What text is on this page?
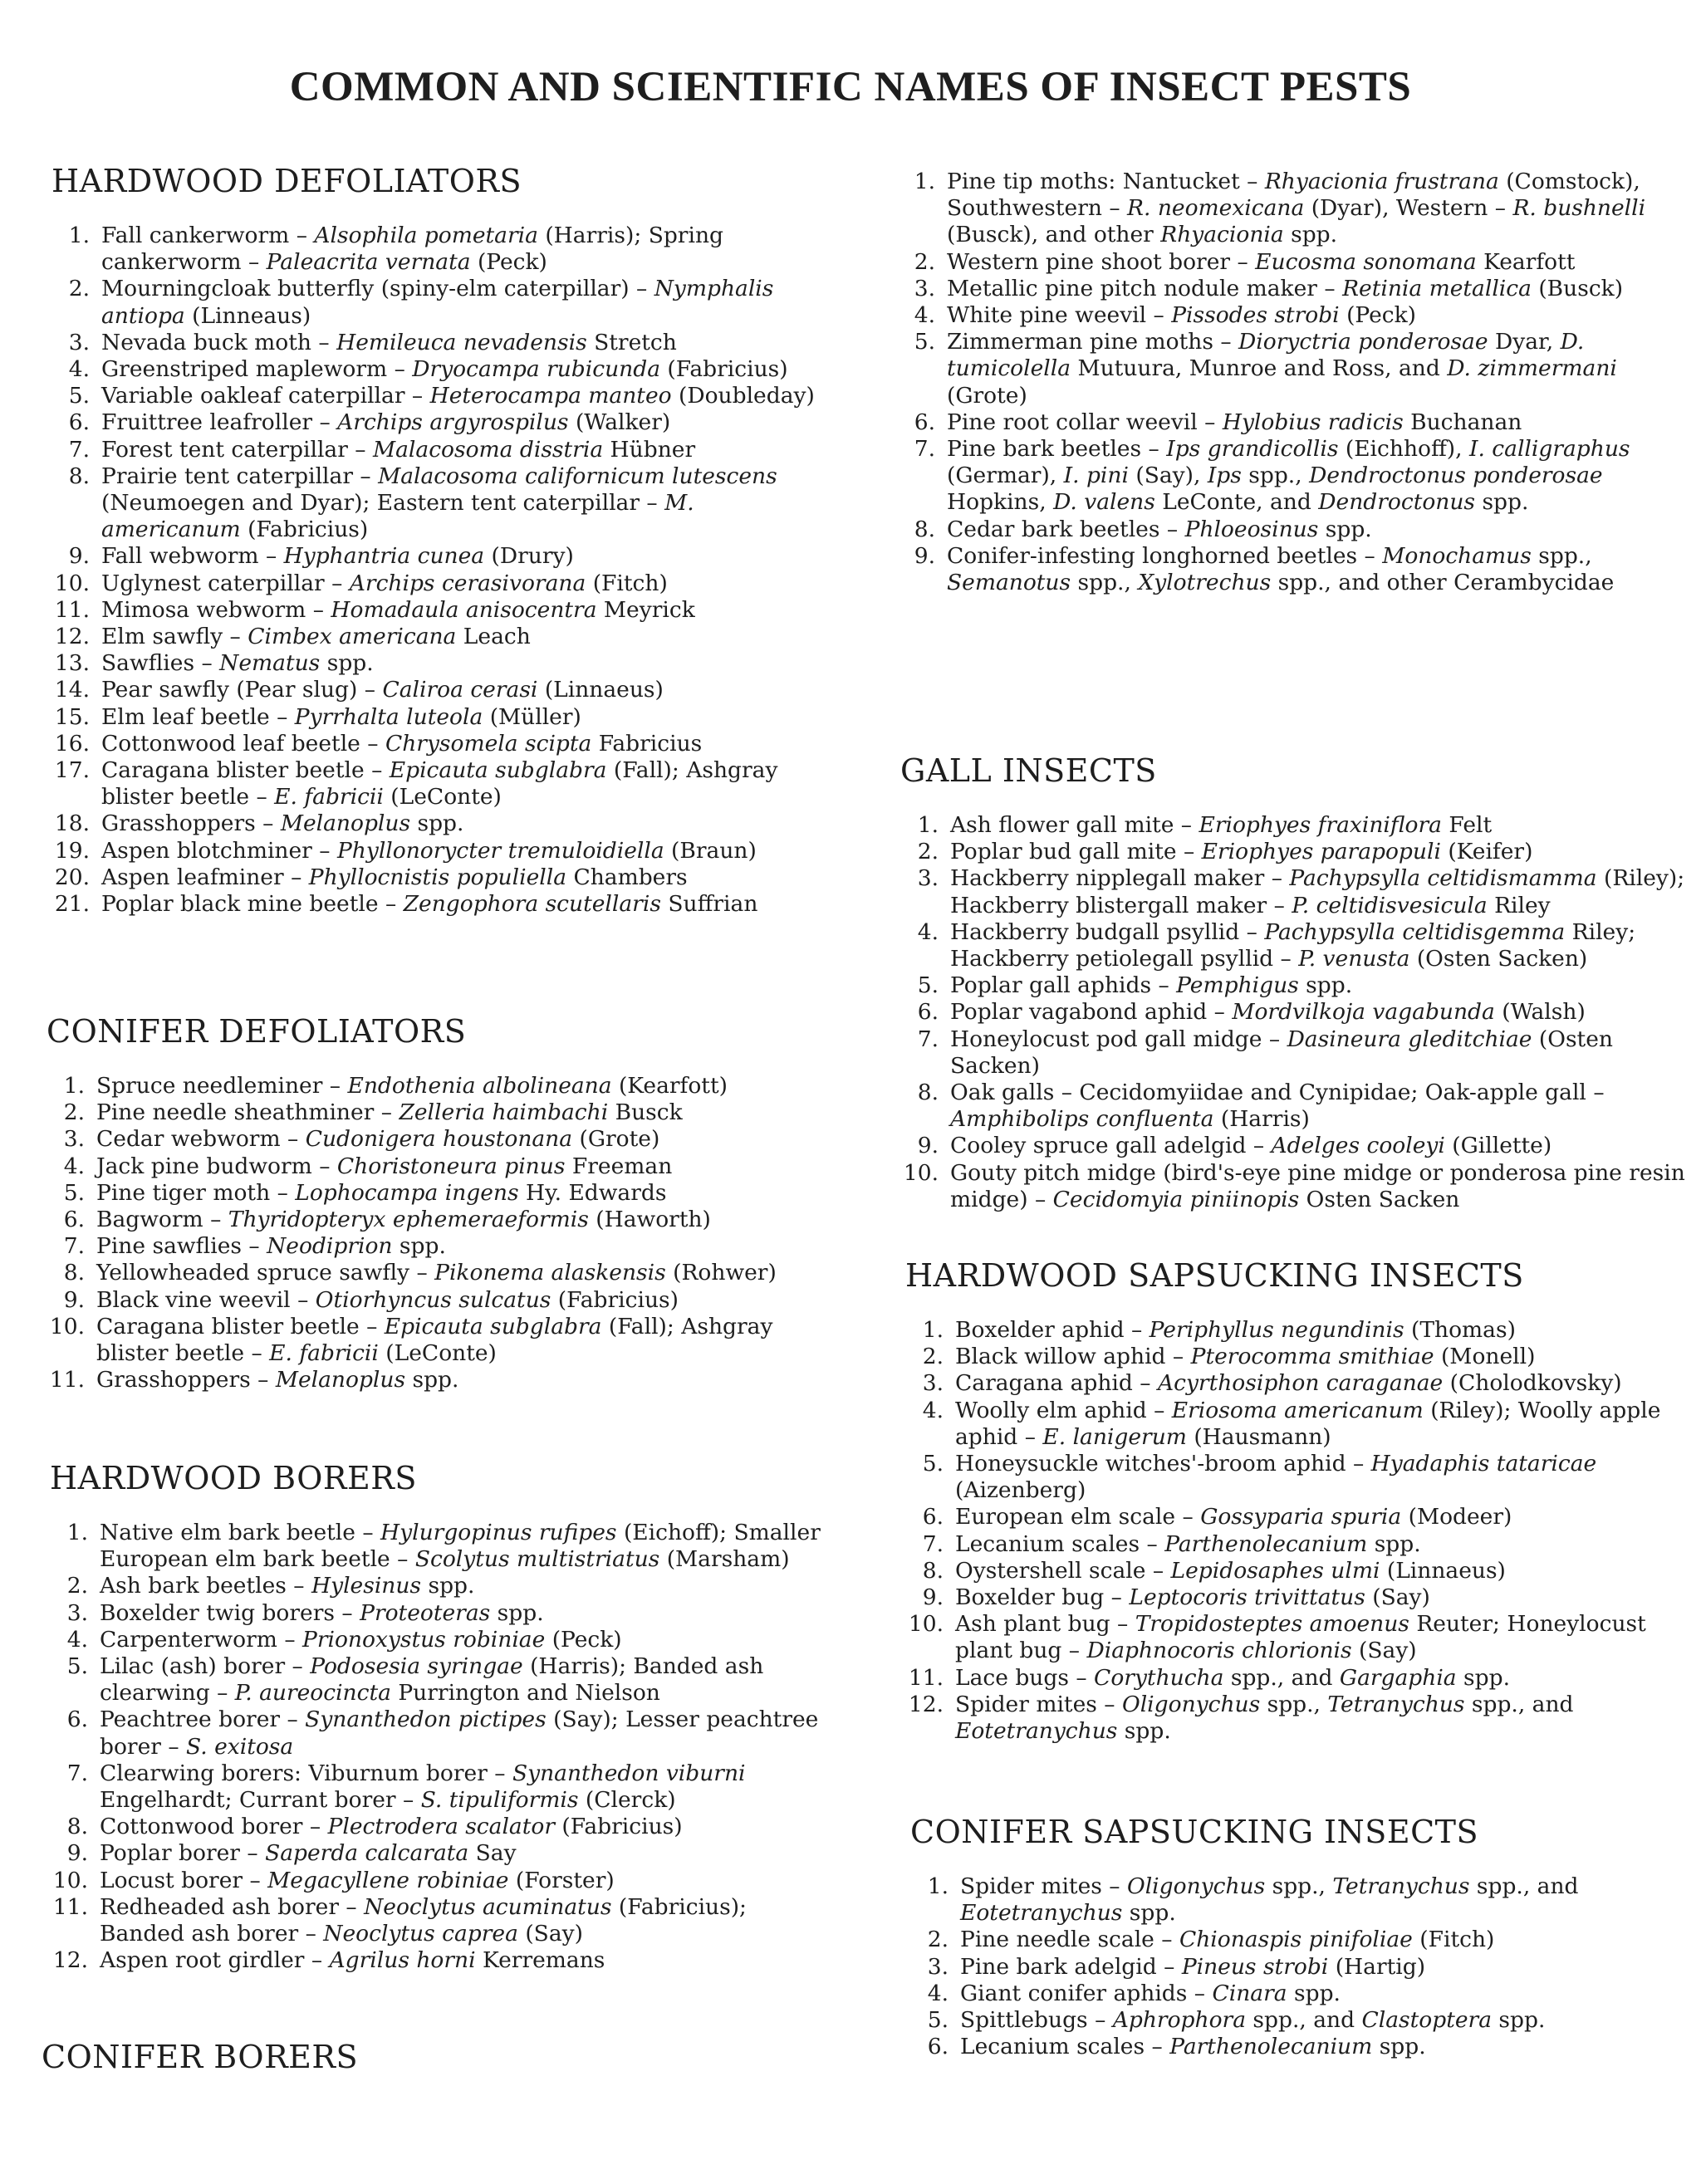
COMMON AND SCIENTIFIC NAMES OF INSECT PESTS
HARDWOOD DEFOLIATORS
1. Fall cankerworm – Alsophila pometaria (Harris); Spring cankerworm – Paleacrita vernata (Peck)
2. Mourningcloak butterfly (spiny-elm caterpillar) – Nymphalis antiopa (Linneaus)
3. Nevada buck moth – Hemileuca nevadensis Stretch
4. Greenstriped mapleworm – Dryocampa rubicunda (Fabricius)
5. Variable oakleaf caterpillar – Heterocampa manteo (Doubleday)
6. Fruittree leafroller – Archips argyrospilus (Walker)
7. Forest tent caterpillar – Malacosoma disstria Hübner
8. Prairie tent caterpillar – Malacosoma californicum lutescens (Neumoegen and Dyar); Eastern tent caterpillar – M. americanum (Fabricius)
9. Fall webworm – Hyphantria cunea (Drury)
10. Uglynest caterpillar – Archips cerasivorana (Fitch)
11. Mimosa webworm – Homadaula anisocentra Meyrick
12. Elm sawfly – Cimbex americana Leach
13. Sawflies – Nematus spp.
14. Pear sawfly (Pear slug) – Caliroa cerasi (Linnaeus)
15. Elm leaf beetle – Pyrrhalta luteola (Müller)
16. Cottonwood leaf beetle – Chrysomela scipta Fabricius
17. Caragana blister beetle – Epicauta subglabra (Fall); Ashgray blister beetle – E. fabricii (LeConte)
18. Grasshoppers – Melanoplus spp.
19. Aspen blotchminer – Phyllonorycter tremuloidiella (Braun)
20. Aspen leafminer – Phyllocnistis populiella Chambers
21. Poplar black mine beetle – Zengophora scutellaris Suffrian
CONIFER DEFOLIATORS
1. Spruce needleminer – Endothenia albolineana (Kearfott)
2. Pine needle sheathminer – Zelleria haimbachi Busck
3. Cedar webworm – Cudonigera houstonana (Grote)
4. Jack pine budworm – Choristoneura pinus Freeman
5. Pine tiger moth – Lophocampa ingens Hy. Edwards
6. Bagworm – Thyridopteryx ephemeraeformis (Haworth)
7. Pine sawflies – Neodiprion spp.
8. Yellowheaded spruce sawfly – Pikonema alaskensis (Rohwer)
9. Black vine weevil – Otiorhyncus sulcatus (Fabricius)
10. Caragana blister beetle – Epicauta subglabra (Fall); Ashgray blister beetle – E. fabricii (LeConte)
11. Grasshoppers – Melanoplus spp.
HARDWOOD BORERS
1. Native elm bark beetle – Hylurgopinus rufipes (Eichoff); Smaller European elm bark beetle – Scolytus multistriatus (Marsham)
2. Ash bark beetles – Hylesinus spp.
3. Boxelder twig borers – Proteoteras spp.
4. Carpenterworm – Prionoxystus robiniae (Peck)
5. Lilac (ash) borer – Podosesia syringae (Harris); Banded ash clearwing – P. aureocincta Purrington and Nielson
6. Peachtree borer – Synanthedon pictipes (Say); Lesser peachtree borer – S. exitosa
7. Clearwing borers: Viburnum borer – Synanthedon viburni Engelhardt; Currant borer – S. tipuliformis (Clerck)
8. Cottonwood borer – Plectrodera scalator (Fabricius)
9. Poplar borer – Saperda calcarata Say
10. Locust borer – Megacyllene robiniae (Forster)
11. Redheaded ash borer – Neoclytus acuminatus (Fabricius); Banded ash borer – Neoclytus caprea (Say)
12. Aspen root girdler – Agrilus horni Kerremans
CONIFER BORERS
1. Pine tip moths: Nantucket – Rhyacionia frustrana (Comstock), Southwestern – R. neomexicana (Dyar), Western – R. bushnelli (Busck), and other Rhyacionia spp.
2. Western pine shoot borer – Eucosma sonomana Kearfott
3. Metallic pine pitch nodule maker – Retinia metallica (Busck)
4. White pine weevil – Pissodes strobi (Peck)
5. Zimmerman pine moths – Dioryctria ponderosae Dyar, D. tumicolella Mutuura, Munroe and Ross, and D. zimmermani (Grote)
6. Pine root collar weevil – Hylobius radicis Buchanan
7. Pine bark beetles – Ips grandicollis (Eichhoff), I. calligraphus (Germar), I. pini (Say), Ips spp., Dendroctonus ponderosae Hopkins, D. valens LeConte, and Dendroctonus spp.
8. Cedar bark beetles – Phloeosinus spp.
9. Conifer-infesting longhorned beetles – Monochamus spp., Semanotus spp., Xylotrechus spp., and other Cerambycidae
GALL INSECTS
1. Ash flower gall mite – Eriophyes fraxiniflora Felt
2. Poplar bud gall mite – Eriophyes parapopuli (Keifer)
3. Hackberry nipplegall maker – Pachypsylla celtidismamma (Riley); Hackberry blistergall maker – P. celtidisvesicula Riley
4. Hackberry budgall psyllid – Pachypsylla celtidisgemma Riley; Hackberry petiolegall psyllid – P. venusta (Osten Sacken)
5. Poplar gall aphids – Pemphigus spp.
6. Poplar vagabond aphid – Mordvilkoja vagabunda (Walsh)
7. Honeylocust pod gall midge – Dasineura gleditchiae (Osten Sacken)
8. Oak galls – Cecidomyiidae and Cynipidae; Oak-apple gall – Amphibolips confluenta (Harris)
9. Cooley spruce gall adelgid – Adelges cooleyi (Gillette)
10. Gouty pitch midge (bird's-eye pine midge or ponderosa pine resin midge) – Cecidomyia piniinopis Osten Sacken
HARDWOOD SAPSUCKING INSECTS
1. Boxelder aphid – Periphyllus negundinis (Thomas)
2. Black willow aphid – Pterocomma smithiae (Monell)
3. Caragana aphid – Acyrthosiphon caraganae (Cholodkovsky)
4. Woolly elm aphid – Eriosoma americanum (Riley); Woolly apple aphid – E. lanigerum (Hausmann)
5. Honeysuckle witches'-broom aphid – Hyadaphis tataricae (Aizenberg)
6. European elm scale – Gossyparia spuria (Modeer)
7. Lecanium scales – Parthenolecanium spp.
8. Oystershell scale – Lepidosaphes ulmi (Linnaeus)
9. Boxelder bug – Leptocoris trivittatus (Say)
10. Ash plant bug – Tropidosteptes amoenus Reuter; Honeylocust plant bug – Diaphnocoris chlorionis (Say)
11. Lace bugs – Corythucha spp., and Gargaphia spp.
12. Spider mites – Oligonychus spp., Tetranychus spp., and Eotetranychus spp.
CONIFER SAPSUCKING INSECTS
1. Spider mites – Oligonychus spp., Tetranychus spp., and Eotetranychus spp.
2. Pine needle scale – Chionaspis pinifoliae (Fitch)
3. Pine bark adelgid – Pineus strobi (Hartig)
4. Giant conifer aphids – Cinara spp.
5. Spittlebugs – Aphrophora spp., and Clastoptera spp.
6. Lecanium scales – Parthenolecanium spp.
